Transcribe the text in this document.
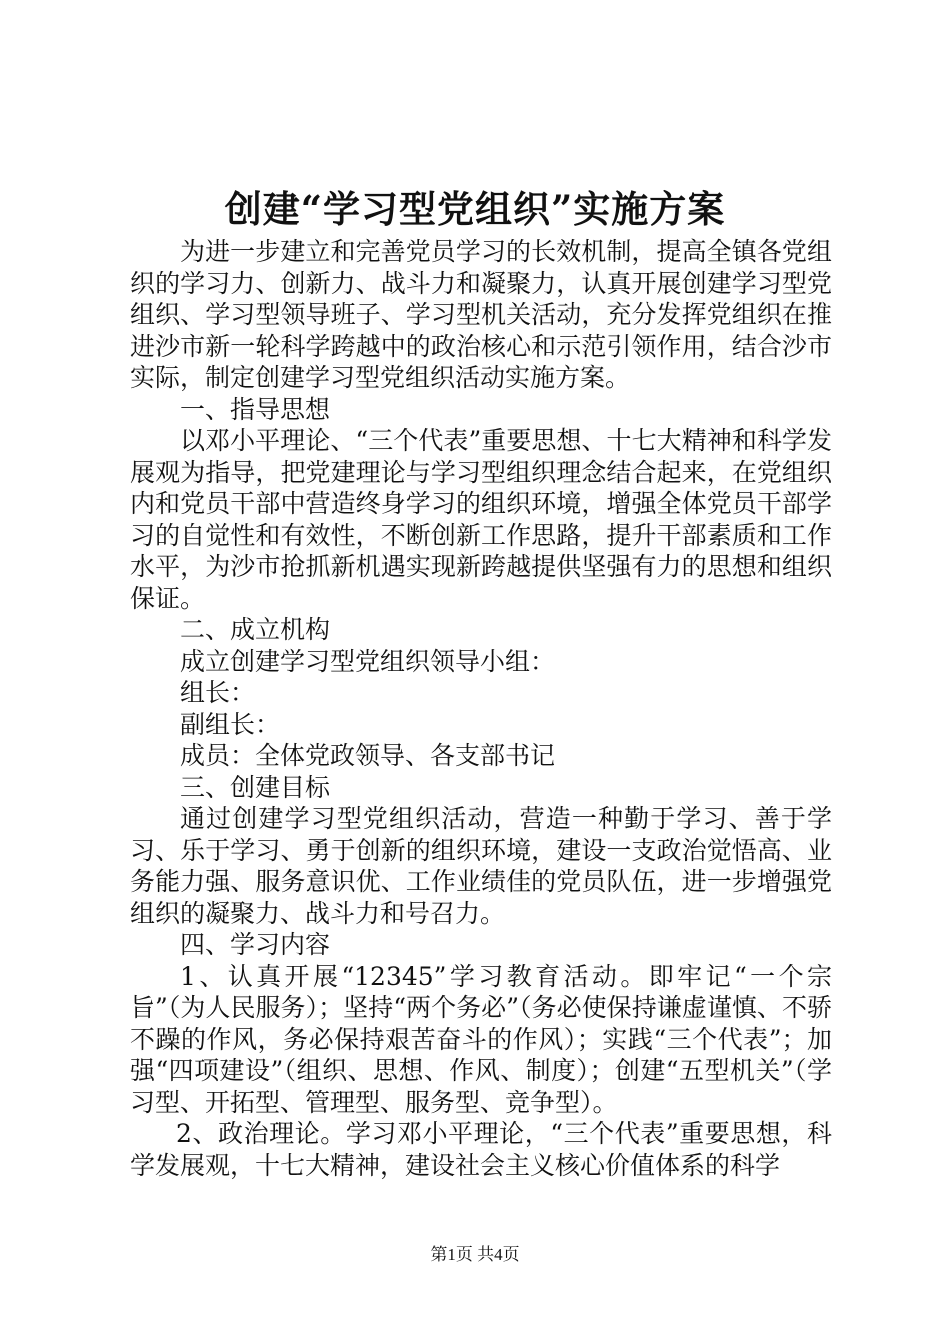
创建“学习型党组织”实施方案

为进一步建立和完善党员学习的长效机制，提高全镇各党组织的学习力、创新力、战斗力和凝聚力，认真开展创建学习型党组织、学习型领导班子、学习型机关活动，充分发挥党组织在推进沙市新一轮科学跨越中的政治核心和示范引领作用，结合沙市实际，制定创建学习型党组织活动实施方案。

一、指导思想

以邓小平理论、“三个代表”重要思想、十七大精神和科学发展观为指导，把党建理论与学习型组织理念结合起来，在党组织内和党员干部中营造终身学习的组织环境，增强全体党员干部学习的自觉性和有效性，不断创新工作思路，提升干部素质和工作水平，为沙市抢抓新机遇实现新跨越提供坚强有力的思想和组织保证。

二、成立机构

成立创建学习型党组织领导小组：

组长：

副组长：

成员：全体党政领导、各支部书记

三、创建目标

通过创建学习型党组织活动，营造一种勤于学习、善于学习、乐于学习、勇于创新的组织环境，建设一支政治觉悟高、业务能力强、服务意识优、工作业绩佳的党员队伍，进一步增强党组织的凝聚力、战斗力和号召力。

四、学习内容

1、认真开展“12345”学习教育活动。即牢记“一个宗旨”（为人民服务）；坚持“两个务必”（务必使保持谦虚谨慎、不骄不躁的作风，务必保持艰苦奋斗的作风）；实践“三个代表”；加强“四项建设”（组织、思想、作风、制度）；创建“五型机关”（学习型、开拓型、管理型、服务型、竞争型）。

2、政治理论。学习邓小平理论，“三个代表”重要思想，科学发展观，十七大精神，建设社会主义核心价值体系的科学

第1页 共4页
